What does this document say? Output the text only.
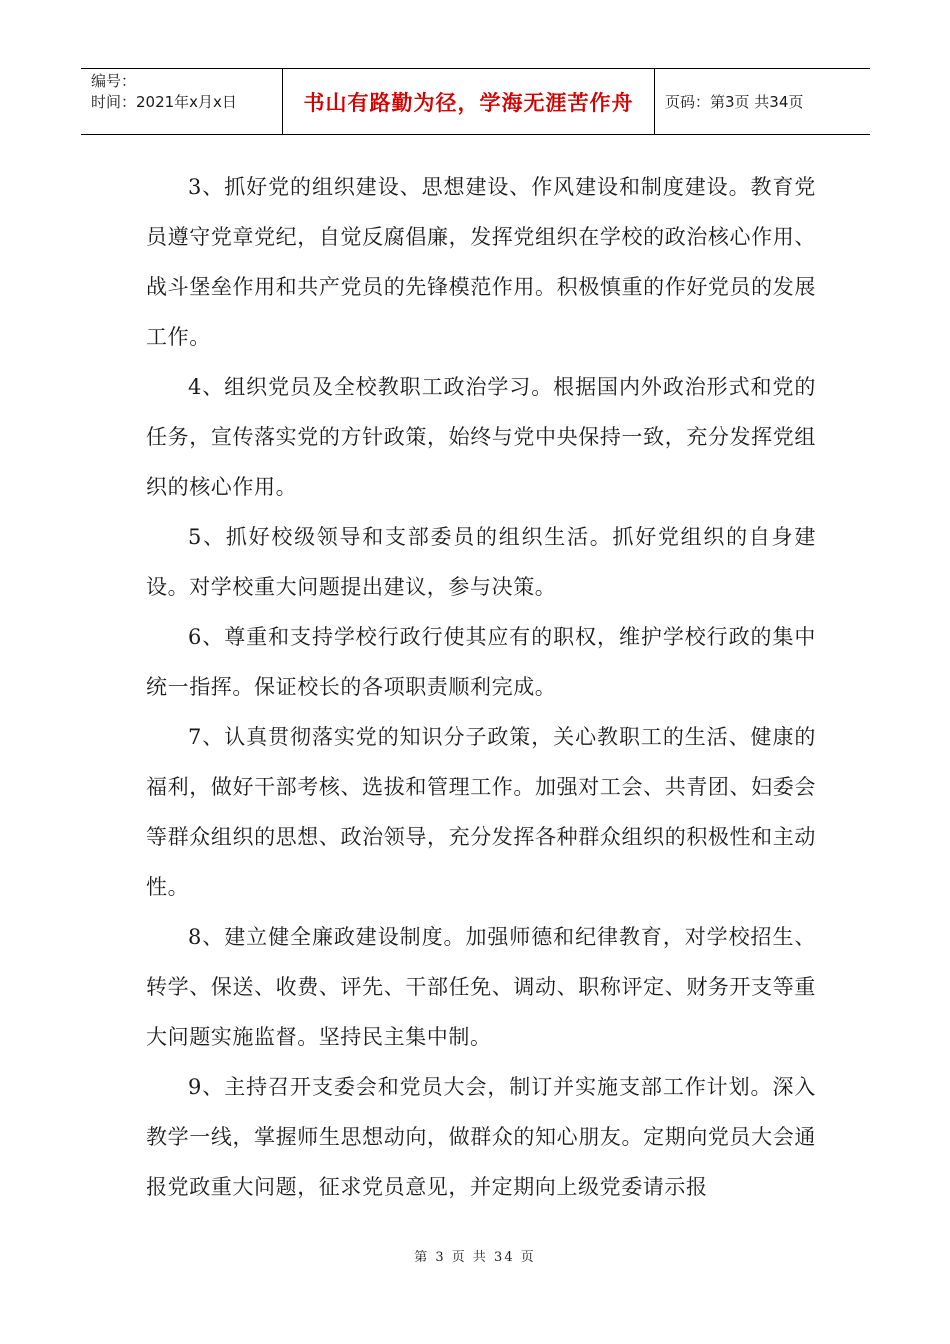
编号：
时间：2021年x月x日	书山有路勤为径，学海无涯苦作舟	页码：第3页 共34页

3、抓好党的组织建设、思想建设、作风建设和制度建设。教育党员遵守党章党纪，自觉反腐倡廉，发挥党组织在学校的政治核心作用、战斗堡垒作用和共产党员的先锋模范作用。积极慎重的作好党员的发展工作。

4、组织党员及全校教职工政治学习。根据国内外政治形式和党的任务，宣传落实党的方针政策，始终与党中央保持一致，充分发挥党组织的核心作用。

5、抓好校级领导和支部委员的组织生活。抓好党组织的自身建设。对学校重大问题提出建议，参与决策。

6、尊重和支持学校行政行使其应有的职权，维护学校行政的集中统一指挥。保证校长的各项职责顺利完成。

7、认真贯彻落实党的知识分子政策，关心教职工的生活、健康的福利，做好干部考核、选拔和管理工作。加强对工会、共青团、妇委会等群众组织的思想、政治领导，充分发挥各种群众组织的积极性和主动性。

8、建立健全廉政建设制度。加强师德和纪律教育，对学校招生、转学、保送、收费、评先、干部任免、调动、职称评定、财务开支等重大问题实施监督。坚持民主集中制。

9、主持召开支委会和党员大会，制订并实施支部工作计划。深入教学一线，掌握师生思想动向，做群众的知心朋友。定期向党员大会通报党政重大问题，征求党员意见，并定期向上级党委请示报

第 3 页 共 34 页
